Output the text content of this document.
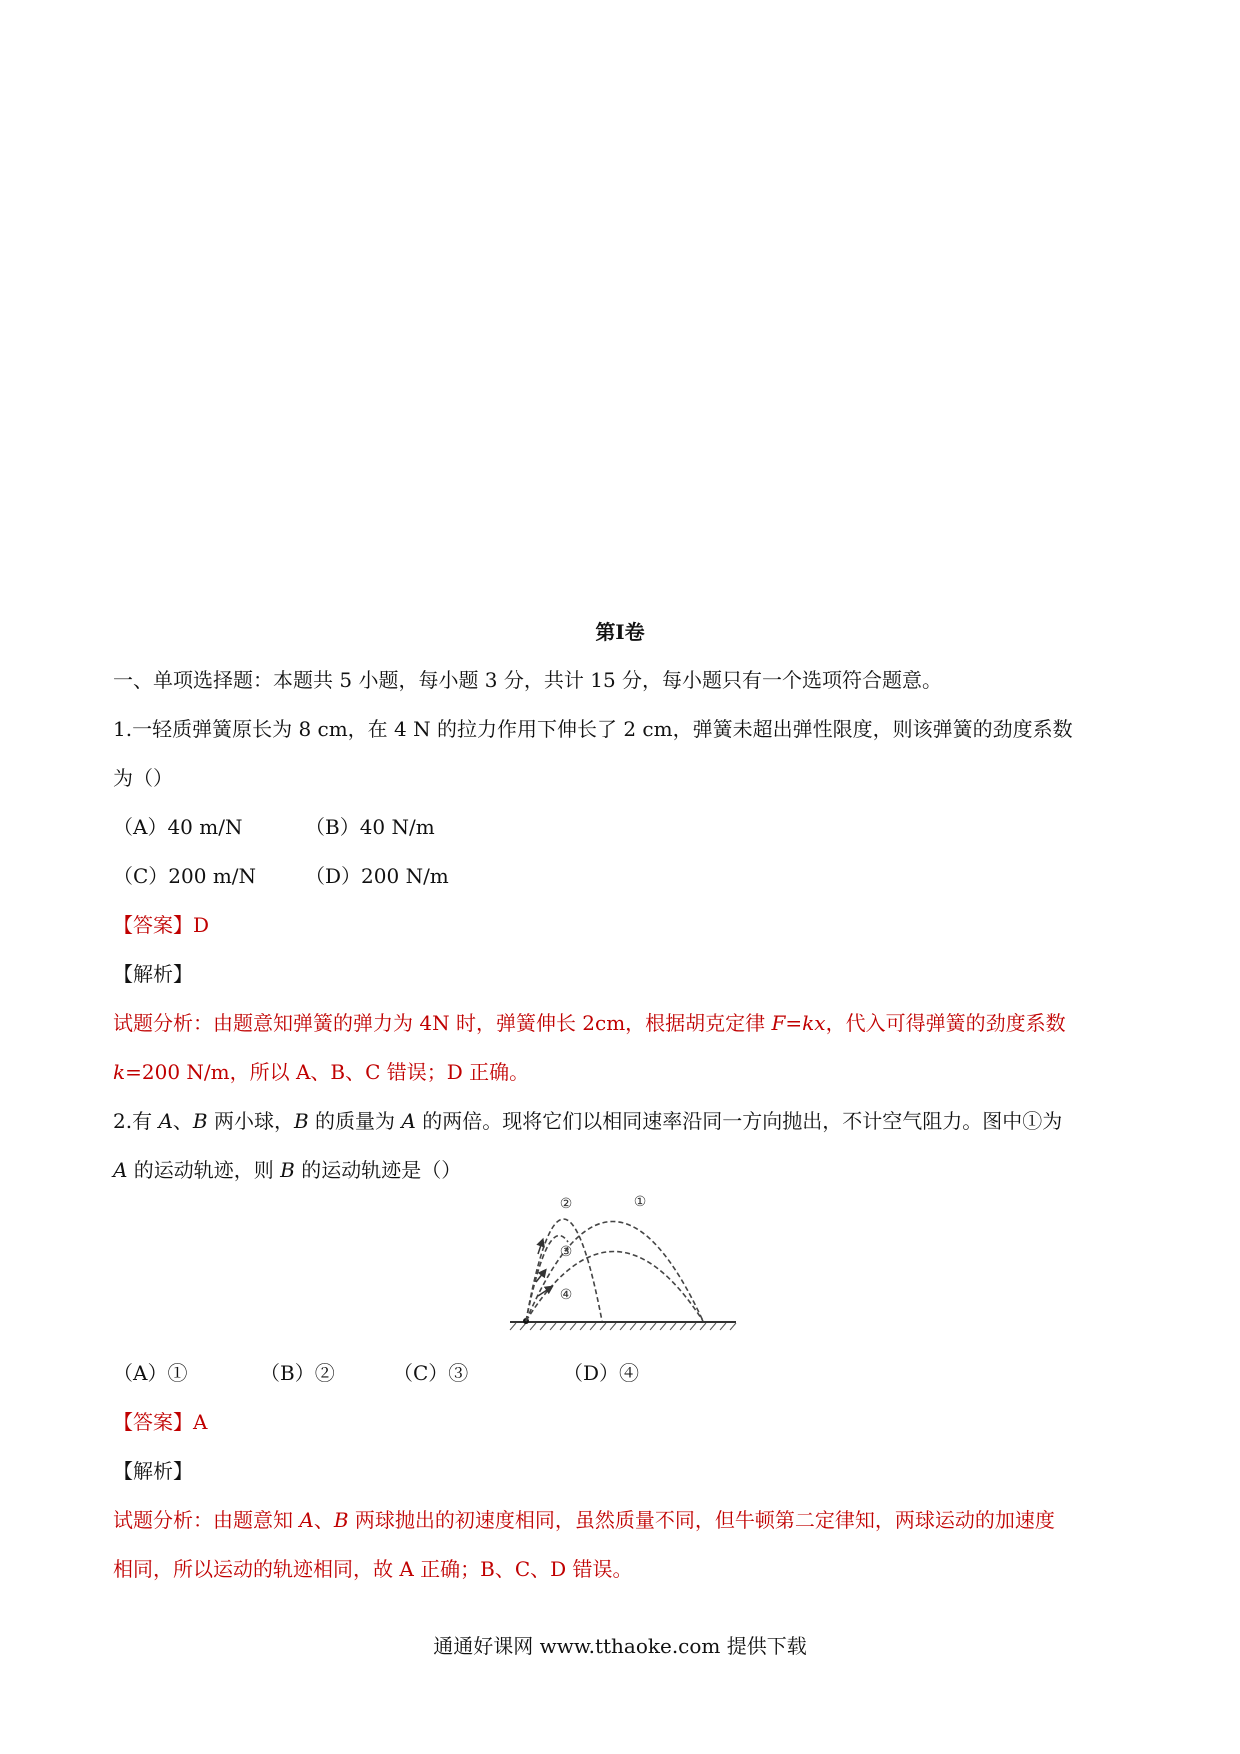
第Ⅰ卷
一、单项选择题：本题共 5 小题，每小题 3 分，共计 15 分，每小题只有一个选项符合题意。
1.一轻质弹簧原长为 8 cm，在 4 N 的拉力作用下伸长了 2 cm，弹簧未超出弹性限度，则该弹簧的劲度系数
为（）
（A）40 m/N	（B）40 N/m
（C）200 m/N （D）200 N/m
【答案】D
【解析】
试题分析：由题意知弹簧的弹力为 4N 时，弹簧伸长 2cm，根据胡克定律 F=kx，代入可得弹簧的劲度系数
k=200 N/m，所以 A、B、C 错误；D 正确。
2.有 A、B 两小球，B 的质量为 A 的两倍。现将它们以相同速率沿同一方向抛出，不计空气阻力。图中①为
A 的运动轨迹，则 B 的运动轨迹是（）
②	①
③
④
（A）①	（B）②	（C）③	（D）④
【答案】A
【解析】
试题分析：由题意知 A、B 两球抛出的初速度相同，虽然质量不同，但牛顿第二定律知，两球运动的加速度
相同，所以运动的轨迹相同，故 A 正确；B、C、D 错误。
通通好课网 www.tthaoke.com 提供下载
